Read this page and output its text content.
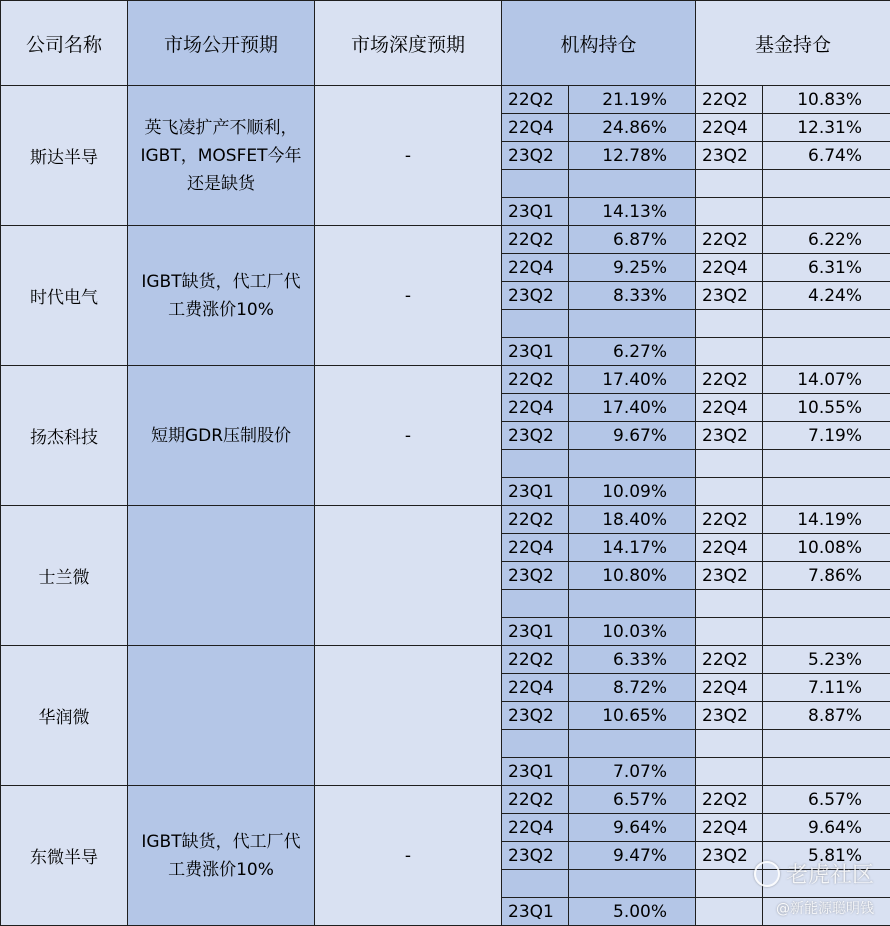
公司名称	市场公开预期	市场深度预期	机构持仓		基金持仓	
斯达半导	英飞凌扩产不顺利，IGBT，MOSFET今年还是缺货	-	22Q2	21.19%	22Q2	10.83%
			22Q4	24.86%	22Q4	12.31%
			23Q2	12.78%	23Q2	6.74%

			23Q1	14.13%		
时代电气	IGBT缺货，代工厂代工费涨价10%	-	22Q2	6.87%	22Q2	6.22%
			22Q4	9.25%	22Q4	6.31%
			23Q2	8.33%	23Q2	4.24%

			23Q1	6.27%		
扬杰科技	短期GDR压制股价	-	22Q2	17.40%	22Q2	14.07%
			22Q4	17.40%	22Q4	10.55%
			23Q2	9.67%	23Q2	7.19%

			23Q1	10.09%		
士兰微			22Q2	18.40%	22Q2	14.19%
			22Q4	14.17%	22Q4	10.08%
			23Q2	10.80%	23Q2	7.86%

			23Q1	10.03%		
华润微			22Q2	6.33%	22Q2	5.23%
			22Q4	8.72%	22Q4	7.11%
			23Q2	10.65%	23Q2	8.87%

			23Q1	7.07%		
东微半导	IGBT缺货，代工厂代工费涨价10%	-	22Q2	6.57%	22Q2	6.57%
			22Q4	9.64%	22Q4	9.64%
			23Q2	9.47%	23Q2	5.81%

			23Q1	5.00%		
老虎社区
@新能源聪明钱
